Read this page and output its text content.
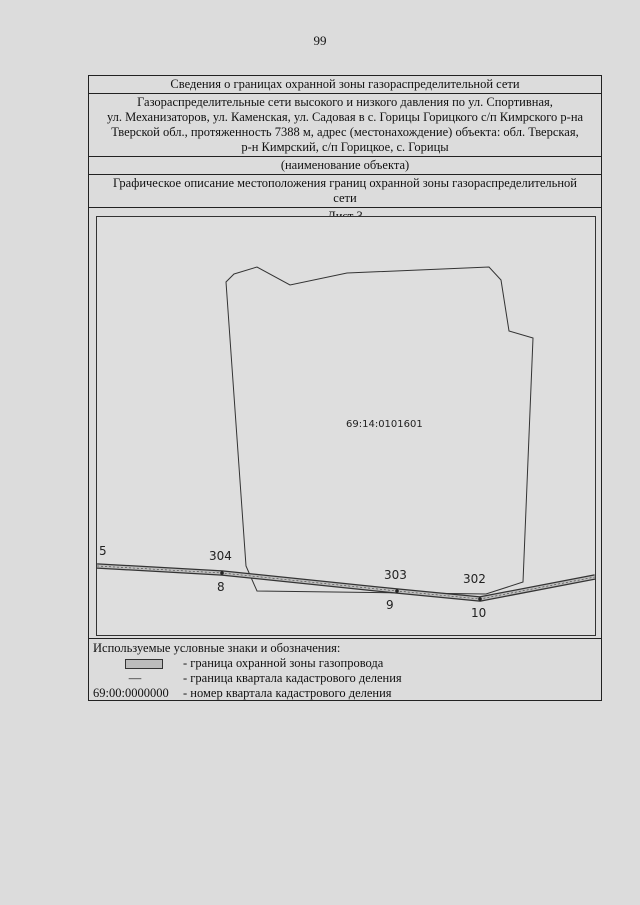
99
Сведения о границах охранной зоны газораспределительной сети
Газораспределительные сети высокого и низкого давления по ул. Спортивная,
ул. Механизаторов, ул. Каменская, ул. Садовая в с. Горицы Горицкого с/п Кимрского р-на
Тверской обл., протяженность 7388 м, адрес (местонахождение) объекта: обл. Тверская,
р-н Кимрский, с/п Горицкое, с. Горицы
(наименование объекта)
Графическое описание местоположения границ охранной зоны газораспределительной
сети
69:14:0101601
5	304
8
303
9
302
10
Используемые условные знаки и обозначения:
- граница охранной зоны газопровода
—	- граница квартала кадастрового деления
69:00:0000000	- номер квартала кадастрового деления
